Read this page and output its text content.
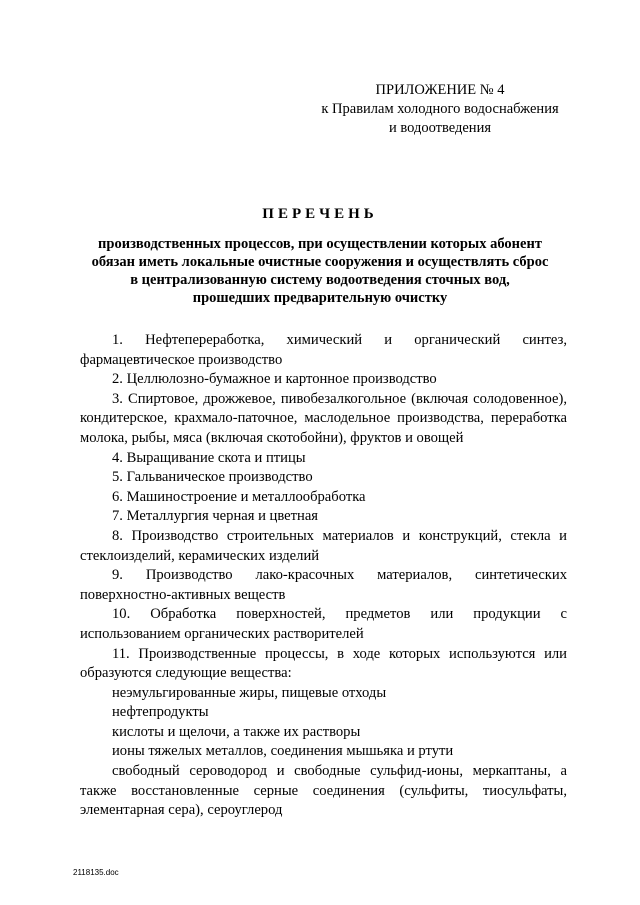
ПРИЛОЖЕНИЕ № 4
к Правилам холодного водоснабжения
и водоотведения
ПЕРЕЧЕНЬ
производственных процессов, при осуществлении которых абонент
обязан иметь локальные очистные сооружения и осуществлять сброс
в централизованную систему водоотведения сточных вод,
прошедших предварительную очистку

1. Нефтепереработка, химический и органический синтез, фармацевтическое производство

2. Целлюлозно-бумажное и картонное производство

3. Спиртовое, дрожжевое, пивобезалкогольное (включая солодовенное), кондитерское, крахмало-паточное, маслодельное производства, переработка молока, рыбы, мяса (включая скотобойни), фруктов и овощей

4. Выращивание скота и птицы

5. Гальваническое производство

6. Машиностроение и металлообработка

7. Металлургия черная и цветная

8. Производство строительных материалов и конструкций, стекла и стеклоизделий, керамических изделий

9. Производство лако-красочных материалов, синтетических поверхностно-активных веществ

10. Обработка поверхностей, предметов или продукции с использованием органических растворителей

11. Производственные процессы, в ходе которых используются или образуются следующие вещества:

неэмульгированные жиры, пищевые отходы

нефтепродукты

кислоты и щелочи, а также их растворы

ионы тяжелых металлов, соединения мышьяка и ртути

свободный сероводород и свободные сульфид-ионы, меркаптаны, а также восстановленные серные соединения (сульфиты, тиосульфаты, элементарная сера), сероуглерод

2118135.doc
